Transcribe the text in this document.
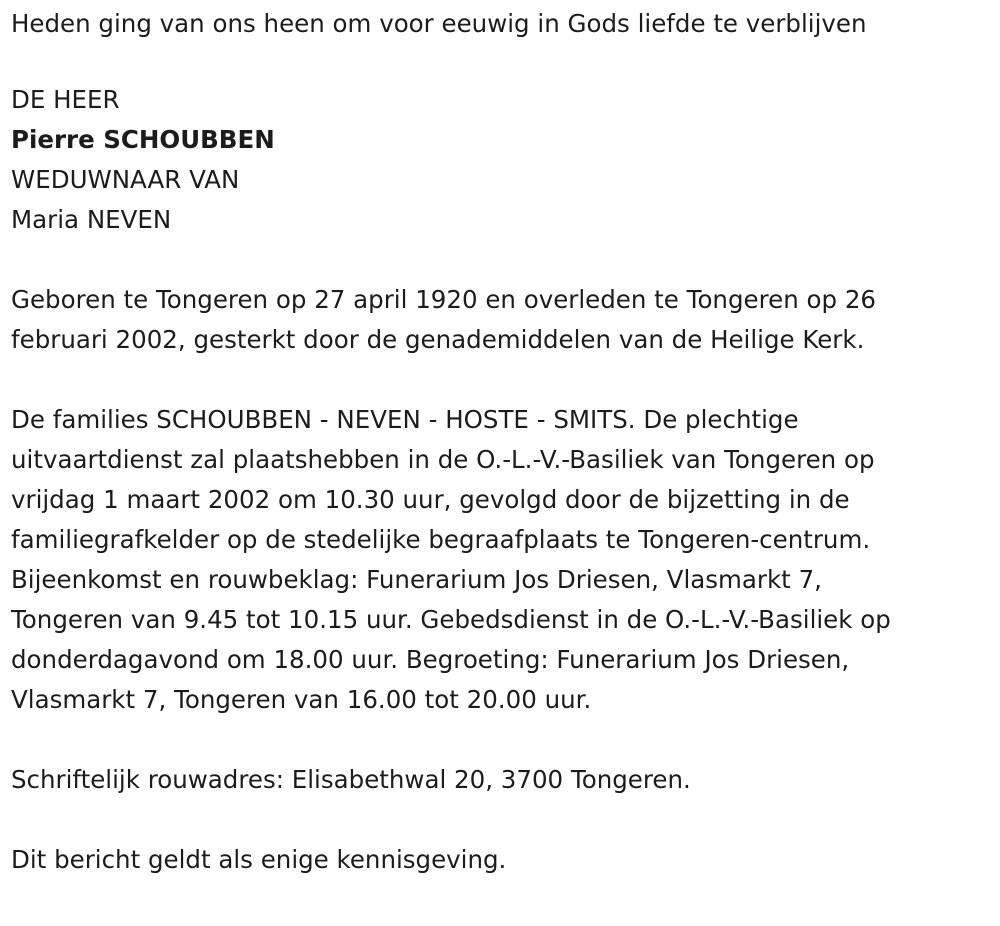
Heden ging van ons heen om voor eeuwig in Gods liefde te verblijven
DE HEER
Pierre SCHOUBBEN
WEDUWNAAR VAN
Maria NEVEN
Geboren te Tongeren op 27 april 1920 en overleden te Tongeren op 26
februari 2002, gesterkt door de genademiddelen van de Heilige Kerk.
De families SCHOUBBEN - NEVEN - HOSTE - SMITS. De plechtige
uitvaartdienst zal plaatshebben in de O.-L.-V.-Basiliek van Tongeren op
vrijdag 1 maart 2002 om 10.30 uur, gevolgd door de bijzetting in de
familiegrafkelder op de stedelijke begraafplaats te Tongeren-centrum.
Bijeenkomst en rouwbeklag: Funerarium Jos Driesen, Vlasmarkt 7,
Tongeren van 9.45 tot 10.15 uur. Gebedsdienst in de O.-L.-V.-Basiliek op
donderdagavond om 18.00 uur. Begroeting: Funerarium Jos Driesen,
Vlasmarkt 7, Tongeren van 16.00 tot 20.00 uur.
Schriftelijk rouwadres: Elisabethwal 20, 3700 Tongeren.
Dit bericht geldt als enige kennisgeving.
